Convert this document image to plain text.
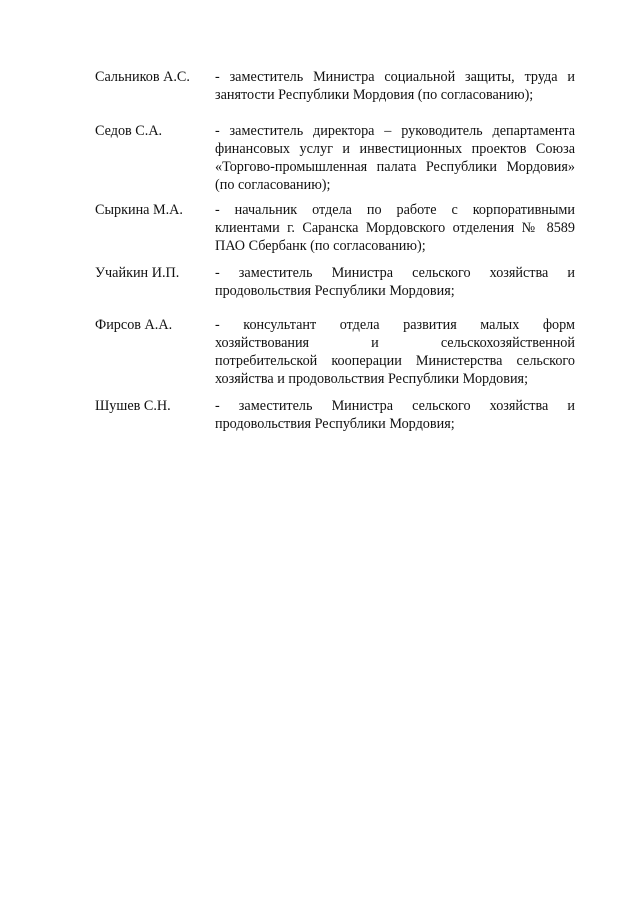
Сальников А.С.	- заместитель Министра социальной защиты, труда и
занятости Республики Мордовия (по согласованию);
Седов С.А.	- заместитель директора – руководитель департамента
финансовых услуг и инвестиционных проектов Союза
«Торгово-промышленная палата Республики Мордовия»
(по согласованию);
Сыркина М.А.	- начальник отдела по работе с корпоративными
клиентами г. Саранска Мордовского отделения № 8589
ПАО Сбербанк (по согласованию);
Учайкин И.П.	- заместитель Министра сельского хозяйства и
продовольствия Республики Мордовия;
Фирсов А.А.	- консультант отдела развития малых форм
хозяйствования и сельскохозяйственной
потребительской кооперации Министерства сельского
хозяйства и продовольствия Республики Мордовия;
Шушев С.Н.	- заместитель Министра сельского хозяйства и
продовольствия Республики Мордовия;
